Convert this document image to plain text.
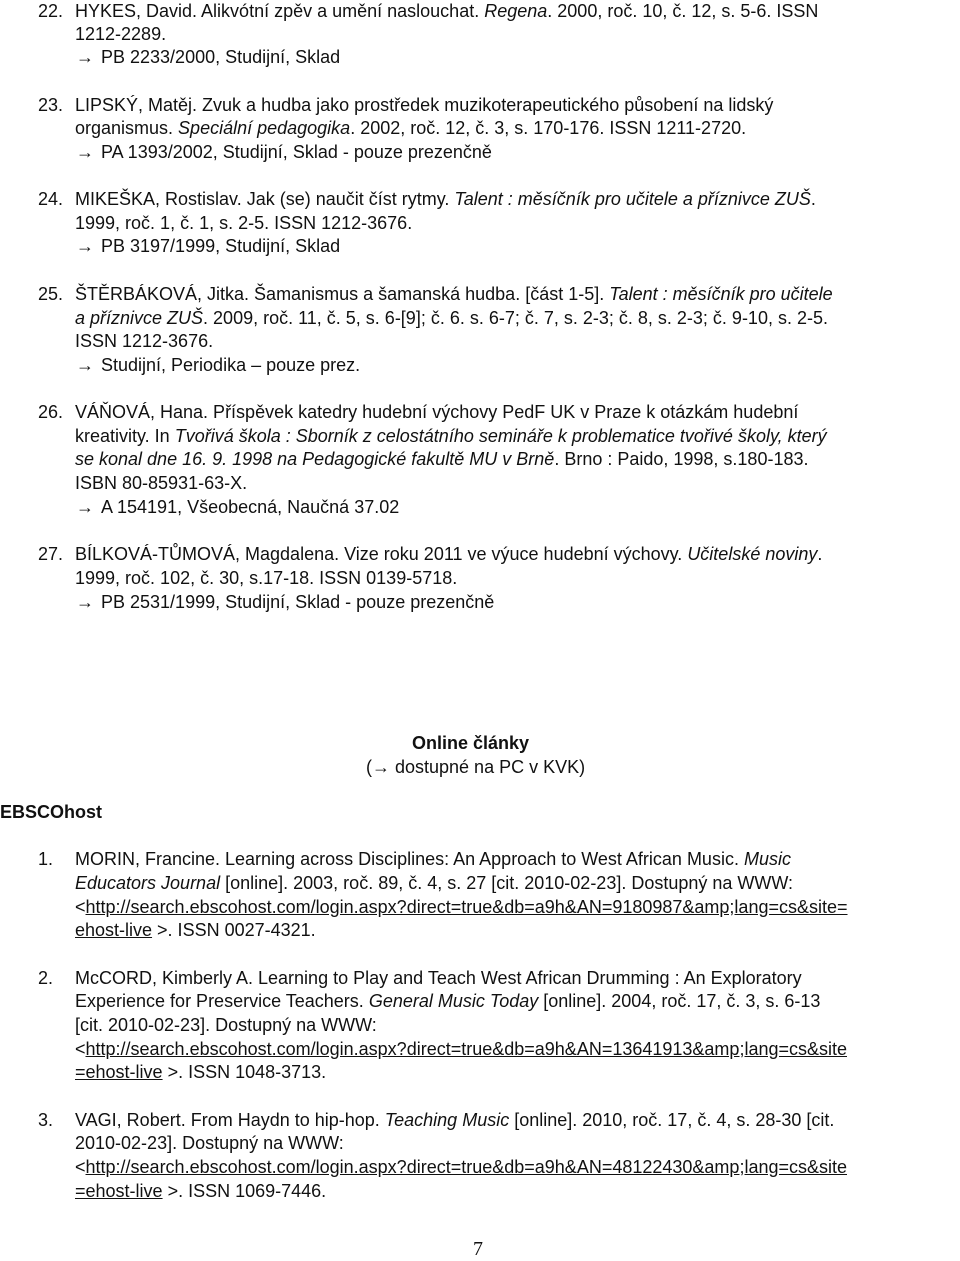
22. HYKES, David. Alikvótní zpěv a umění naslouchat. Regena. 2000, roč. 10, č. 12, s. 5-6. ISSN
1212-2289.
→ PB 2233/2000, Studijní, Sklad
23. LIPSKÝ, Matěj. Zvuk a hudba jako prostředek muzikoterapeutického působení na lidský
organismus. Speciální pedagogika. 2002, roč. 12, č. 3, s. 170-176. ISSN 1211-2720.
→ PA 1393/2002, Studijní, Sklad - pouze prezenčně
24. MIKEŠKA, Rostislav. Jak (se) naučit číst rytmy. Talent : měsíčník pro učitele a příznivce ZUŠ.
1999, roč. 1, č. 1, s. 2-5. ISSN 1212-3676.
→ PB 3197/1999, Studijní, Sklad
25. ŠTĚRBÁKOVÁ, Jitka. Šamanismus a šamanská hudba. [část 1-5]. Talent : měsíčník pro učitele
a příznivce ZUŠ. 2009, roč. 11, č. 5, s. 6-[9]; č. 6. s. 6-7; č. 7, s. 2-3; č. 8, s. 2-3; č. 9-10, s. 2-5.
ISSN 1212-3676.
→ Studijní, Periodika – pouze prez.
26. VÁŇOVÁ, Hana. Příspěvek katedry hudební výchovy PedF UK v Praze k otázkám hudební
kreativity. In Tvořivá škola : Sborník z celostátního semináře k problematice tvořivé školy, který
se konal dne 16. 9. 1998 na Pedagogické fakultě MU v Brně. Brno : Paido, 1998, s.180-183.
ISBN 80-85931-63-X.
→ A 154191, Všeobecná, Naučná 37.02
27. BÍLKOVÁ-TŮMOVÁ, Magdalena. Vize roku 2011 ve výuce hudební výchovy. Učitelské noviny.
1999, roč. 102, č. 30, s.17-18. ISSN 0139-5718.
→ PB 2531/1999, Studijní, Sklad - pouze prezenčně
Online články
(→ dostupné na PC v KVK)
EBSCOhost
1. MORIN, Francine. Learning across Disciplines: An Approach to West African Music. Music
Educators Journal [online]. 2003, roč. 89, č. 4, s. 27 [cit. 2010-02-23]. Dostupný na WWW:
<http://search.ebscohost.com/login.aspx?direct=true&db=a9h&AN=9180987&amp;lang=cs&site=
ehost-live >. ISSN 0027-4321.
2. McCORD, Kimberly A. Learning to Play and Teach West African Drumming : An Exploratory
Experience for Preservice Teachers. General Music Today [online]. 2004, roč. 17, č. 3, s. 6-13
[cit. 2010-02-23]. Dostupný na WWW:
<http://search.ebscohost.com/login.aspx?direct=true&db=a9h&AN=13641913&amp;lang=cs&site
=ehost-live >. ISSN 1048-3713.
3. VAGI, Robert. From Haydn to hip-hop. Teaching Music [online]. 2010, roč. 17, č. 4, s. 28-30 [cit.
2010-02-23]. Dostupný na WWW:
<http://search.ebscohost.com/login.aspx?direct=true&db=a9h&AN=48122430&amp;lang=cs&site
=ehost-live >. ISSN 1069-7446.
7
